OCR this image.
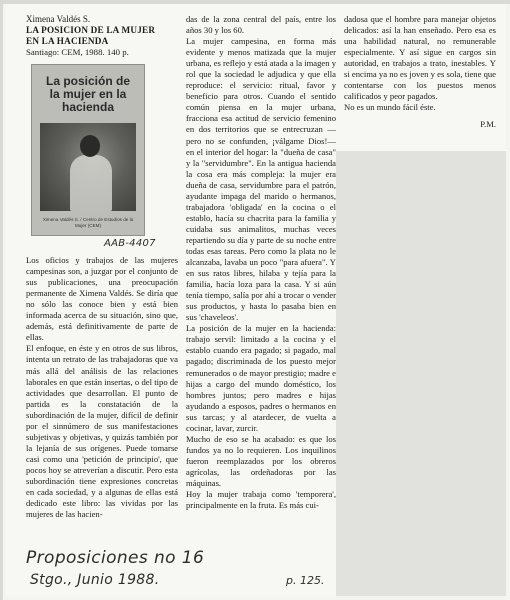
Ximena Valdés S.

LA POSICION DE LA MUJER

EN LA HACIENDA

Santiago: CEM, 1988. 140 p.

La posición de
la mujer en la
hacienda
Ximena Valdés S. / Centro de Estudios de la Mujer (CEM)

AAB-4407

Los oficios y trabajos de las mujeres campesinas son, a juzgar por el conjunto de sus publicaciones, una preocupación permanente de Ximena Valdés. Se diría que no sólo las conoce bien y está bien informada acerca de su situación, sino que, además, está definitivamente de parte de ellas.

El enfoque, en éste y en otros de sus libros, intenta un retrato de las trabajadoras que va más allá del análisis de las relaciones laborales en que están insertas, o del tipo de actividades que desarrollan. El punto de partida es la constatación de la subordinación de la mujer, difícil de definir por el sinnúmero de sus manifestaciones subjetivas y objetivas, y quizás también por la lejanía de sus orígenes. Puede tomarse casi como una 'petición de principio', que pocos hoy se atreverían a discutir. Pero esta subordinación tiene expresiones concretas en cada sociedad, y a algunas de ellas está dedicado este libro: las vividas por las mujeres de las hacien-

das de la zona central del país, entre los años 30 y los 60.

La mujer campesina, en forma más evidente y menos matizada que la mujer urbana, es reflejo y está atada a la imagen y rol que la sociedad le adjudica y que ella reproduce: el servicio: ritual, favor y beneficio para otros. Cuando el sentido común piensa en la mujer urbana, fracciona esa actitud de servicio femenino en dos territorios que se entrecruzan —pero no se confunden, ¡válgame Dios!— en el interior del hogar: la "dueña de casa" y la "servidumbre". En la antigua hacienda la cosa era más compleja: la mujer era dueña de casa, servidumbre para el patrón, ayudante impaga del marido o hermanos, trabajadora 'obligada' en la cocina o el establo, hacía su chacrita para la familia y cuidaba sus animalitos, muchas veces repartiendo su día y parte de su noche entre todas esas tareas. Pero como la plata no le alcanzaba, lavaba un poco "para afuera". Y en sus ratos libres, hilaba y tejía para la familia, hacía loza para la casa. Y si aún tenía tiempo, salía por ahí a trocar o vender sus productos, y hasta lo pasaba bien en sus 'chavelеos'.

La posición de la mujer en la hacienda: trabajo servil: limitado a la cocina y el establo cuando era pagado; si pagado, mal pagado; discriminada de los puesto mejor remunerados o de mayor prestigio; madre e hijas a cargo del mundo doméstico, los hombres juntos; pero madres e hijas ayudando a esposos, padres o hermanos en sus tarcas; y al atardecer, de vuelta a cocinar, lavar, zurcir.

Mucho de eso se ha acabado: es que los fundos ya no lo requieren. Los inquilinos fueron reemplazados por los obreros agrícolas, las ordeñadoras por las máquinas.

Hoy la mujer trabaja como 'temporera', principalmente en la fruta. Es más cui-

dadosa que el hombre para manejar objetos delicados: así la han enseñado. Pero esa es una habilidad natural, no remunerable especialmente. Y así sigue en cargos sin autoridad, en trabajos a trato, inestables. Y si encima ya no es joven y es sola, tiene que contentarse con los puestos menos calificados y peor pagados.

No es un mundo fácil éste.

P.M.

Proposiciones no 16
Stgo., Junio 1988.	p. 125.
